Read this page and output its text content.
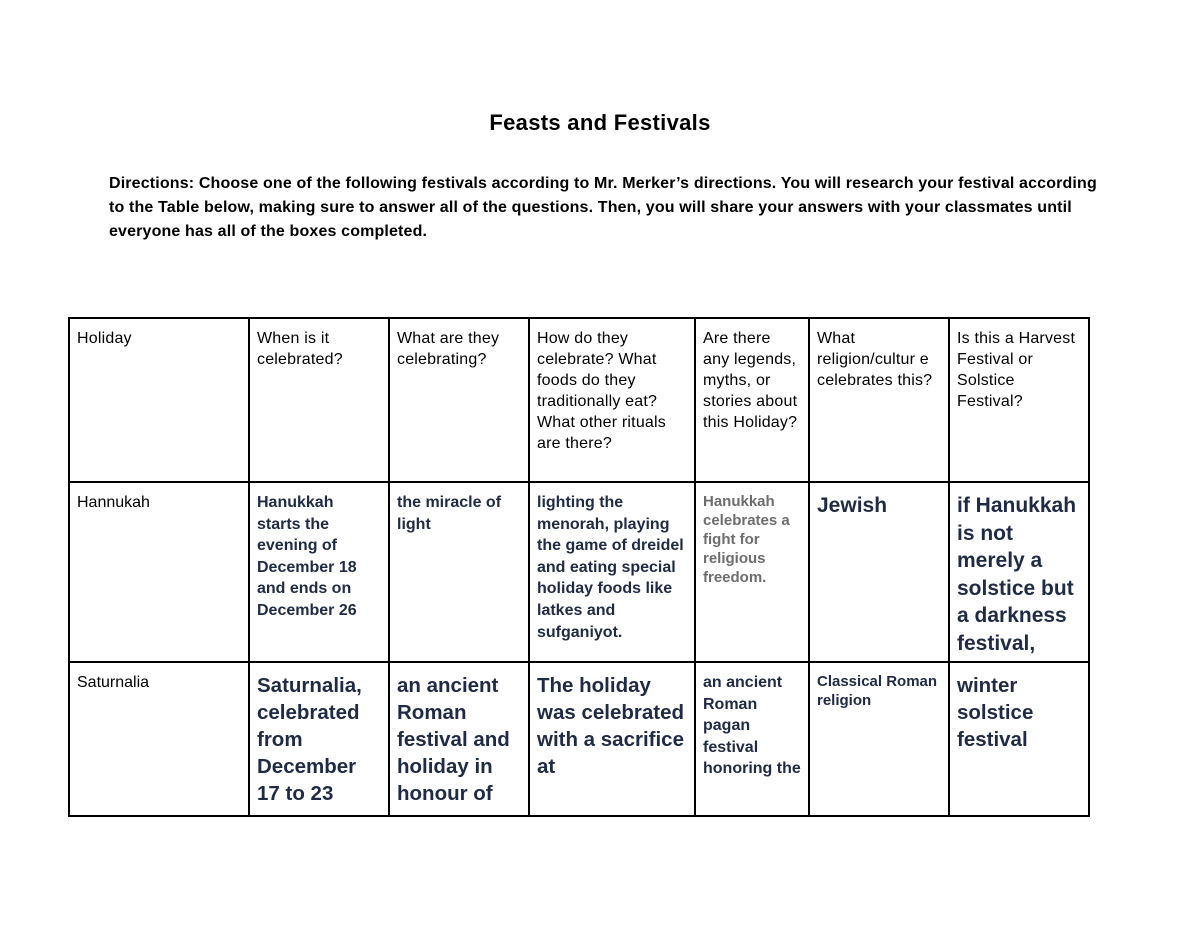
Feasts and Festivals
Directions: Choose one of the following festivals according to Mr. Merker’s directions. You will research your festival according to the Table below, making sure to answer all of the questions. Then, you will share your answers with your classmates until everyone has all of the boxes completed.
Holiday	When is it celebrated?	What are they celebrating?	How do they celebrate? What foods do they traditionally eat? What other rituals are there?	Are there any legends, myths, or stories about this Holiday?	What religion/cultur e celebrates this?	Is this a Harvest Festival or Solstice Festival?

Hannukah	Hanukkah starts the evening of December 18 and ends on December 26	the miracle of light	lighting the menorah, playing the game of dreidel and eating special holiday foods like latkes and sufganiyot.	Hanukkah celebrates a fight for religious freedom.	Jewish	if Hanukkah is not merely a solstice but a darkness festival,

Saturnalia	Saturnalia, celebrated from December 17 to 23	an ancient Roman festival and holiday in honour of	The holiday was celebrated with a sacrifice at	an ancient Roman pagan festival honoring the	Classical Roman religion	winter solstice festival
